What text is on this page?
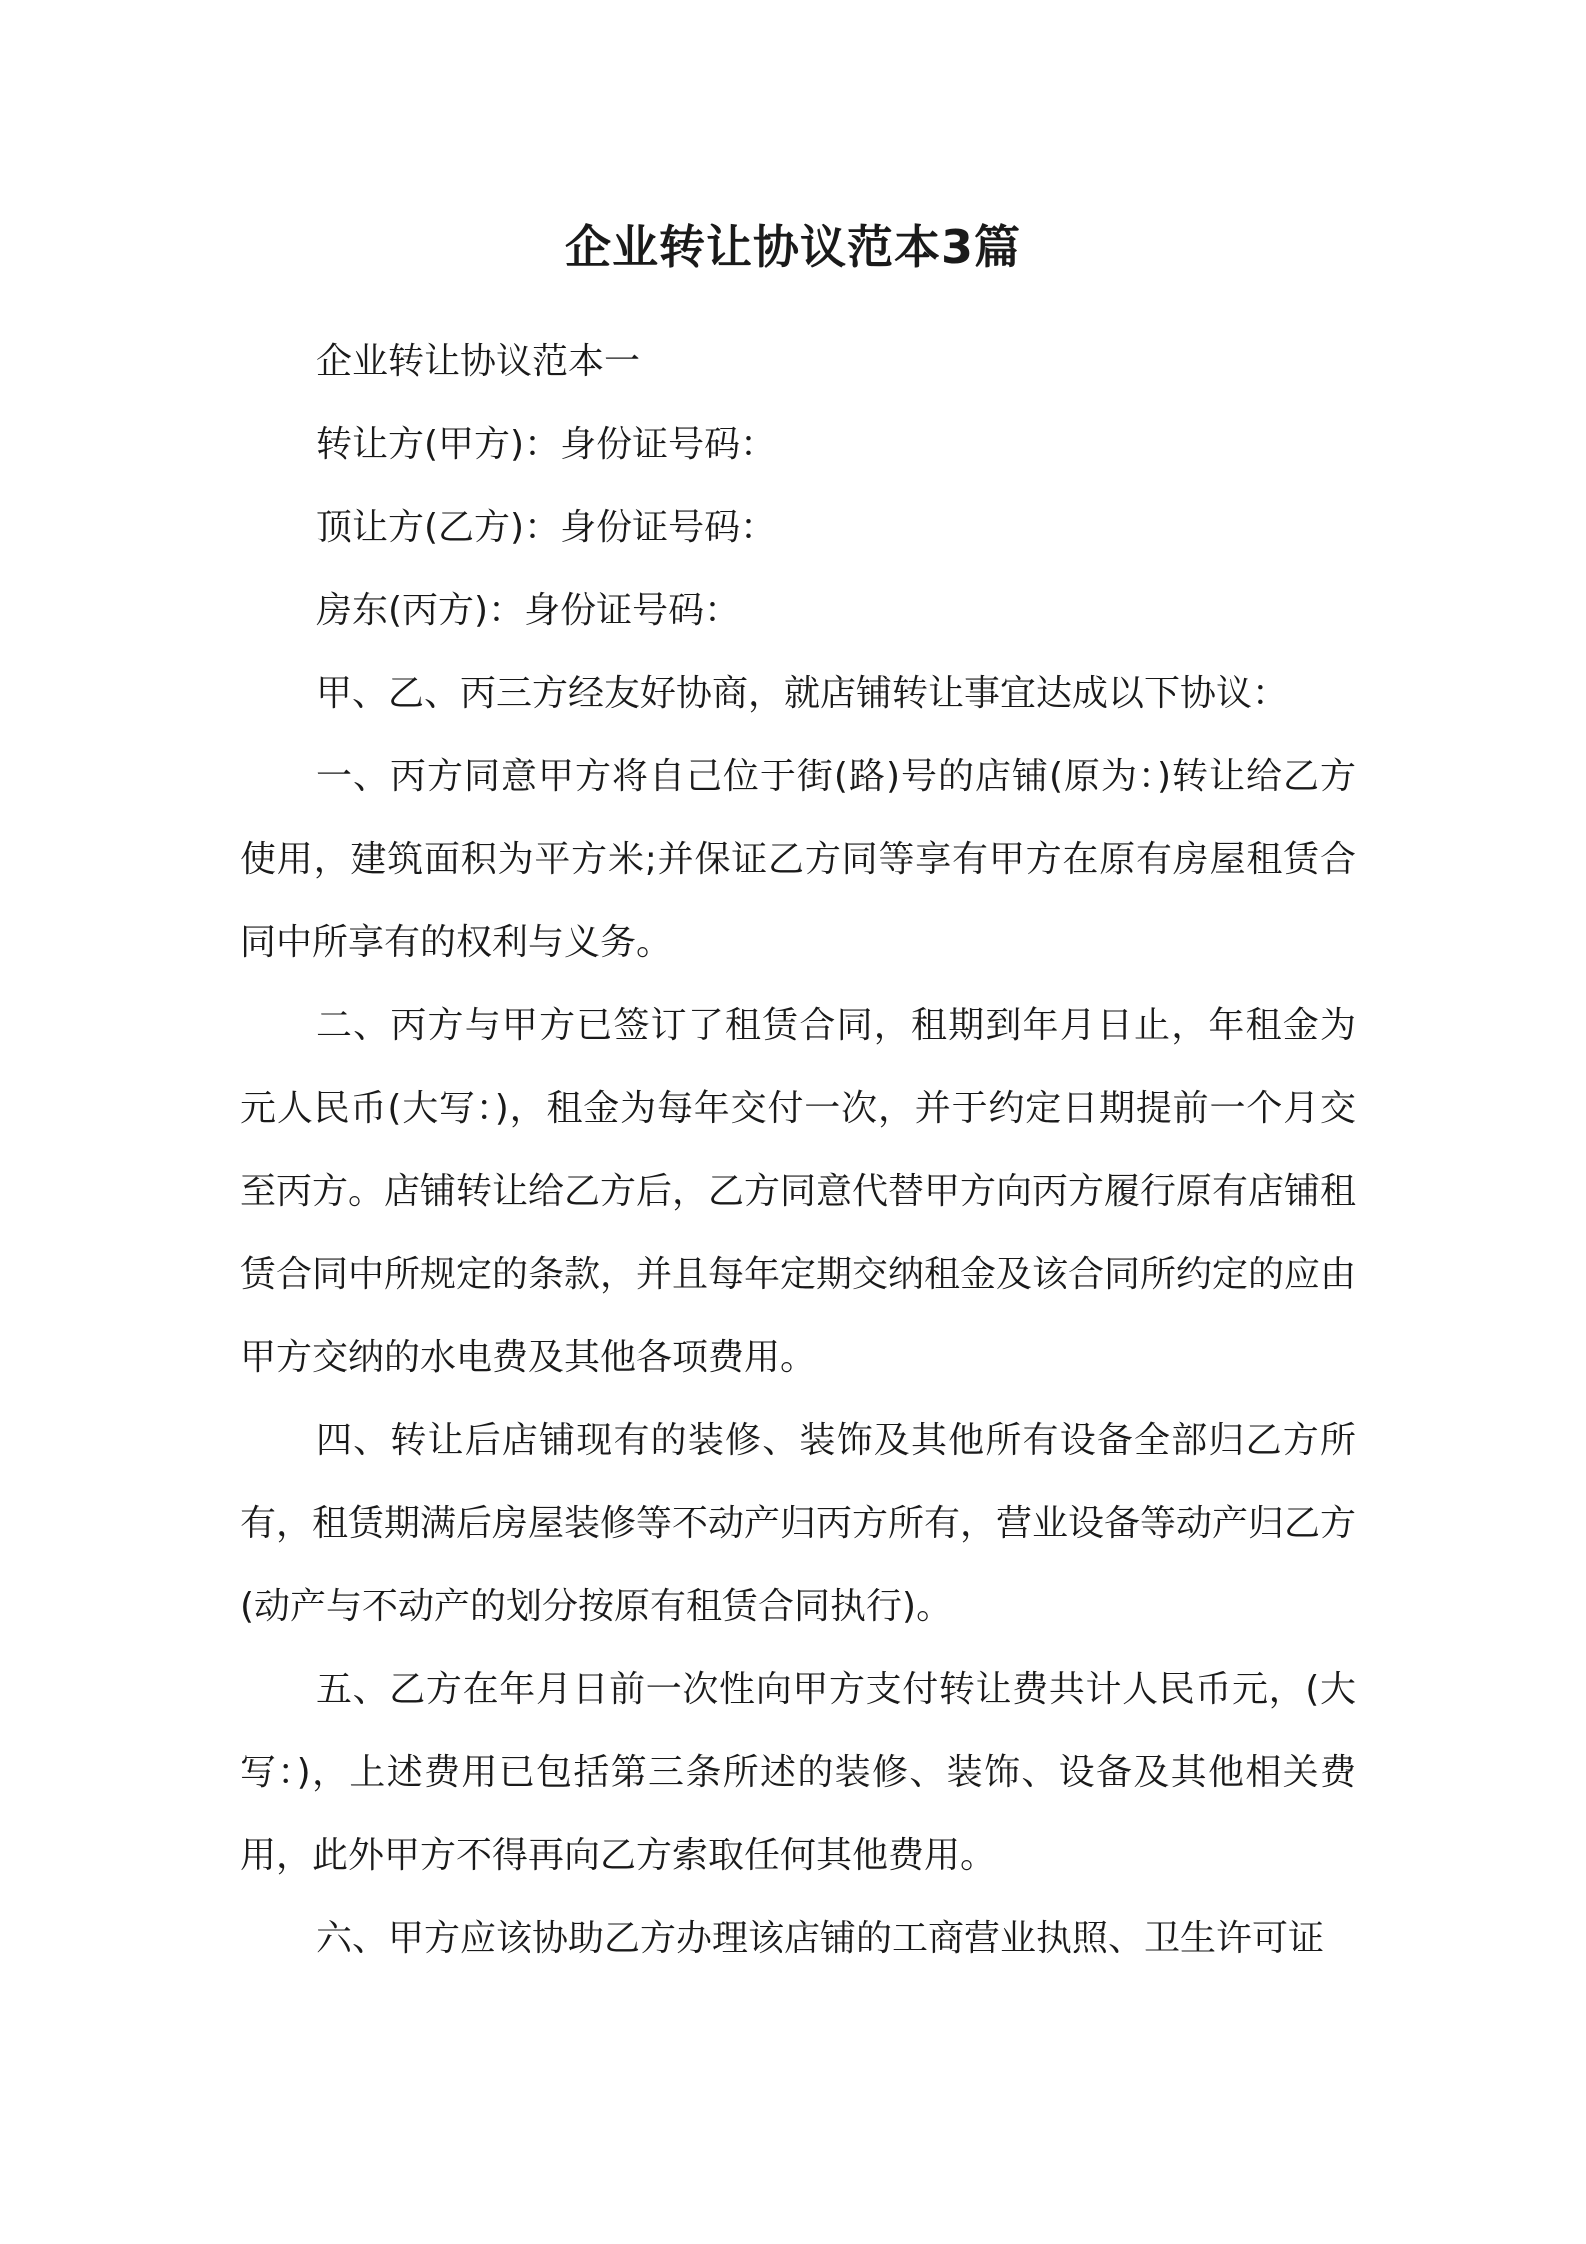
企业转让协议范本3篇

企业转让协议范本一

转让方(甲方)：身份证号码：

顶让方(乙方)：身份证号码：

房东(丙方)：身份证号码：

甲、乙、丙三方经友好协商，就店铺转让事宜达成以下协议：

一、丙方同意甲方将自己位于街(路)号的店铺(原为：)转让给乙方使用，建筑面积为平方米;并保证乙方同等享有甲方在原有房屋租赁合同中所享有的权利与义务。

二、丙方与甲方已签订了租赁合同，租期到年月日止，年租金为元人民币(大写：)，租金为每年交付一次，并于约定日期提前一个月交至丙方。店铺转让给乙方后，乙方同意代替甲方向丙方履行原有店铺租赁合同中所规定的条款，并且每年定期交纳租金及该合同所约定的应由甲方交纳的水电费及其他各项费用。

四、转让后店铺现有的装修、装饰及其他所有设备全部归乙方所有，租赁期满后房屋装修等不动产归丙方所有，营业设备等动产归乙方(动产与不动产的划分按原有租赁合同执行)。

五、乙方在年月日前一次性向甲方支付转让费共计人民币元，(大写：)，上述费用已包括第三条所述的装修、装饰、设备及其他相关费用，此外甲方不得再向乙方索取任何其他费用。

六、甲方应该协助乙方办理该店铺的工商营业执照、卫生许可证
